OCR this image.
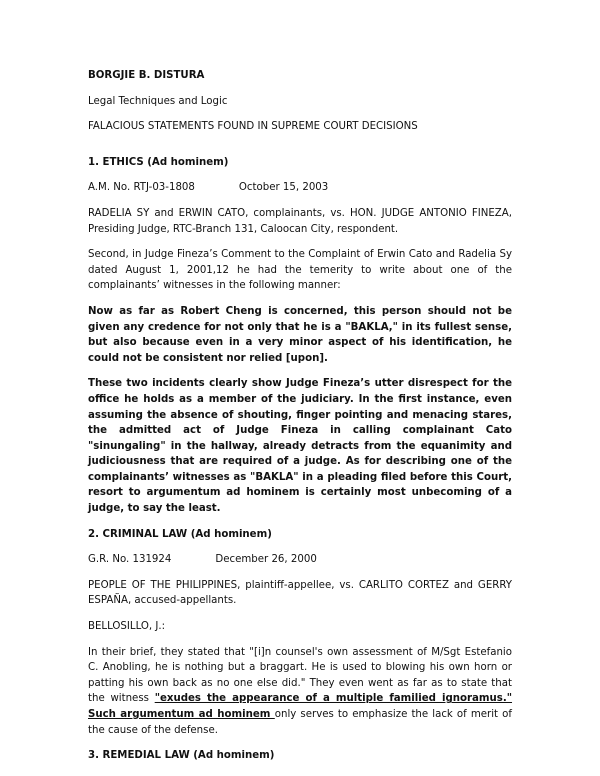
BORGJIE B. DISTURA

Legal Techniques and Logic

FALACIOUS STATEMENTS FOUND IN SUPREME COURT DECISIONS

1. ETHICS (Ad hominem)

A.M. No. RTJ-03-1808	October 15, 2003

RADELIA SY and ERWIN CATO, complainants, vs. HON. JUDGE ANTONIO FINEZA, Presiding Judge, RTC-Branch 131, Caloocan City, respondent.

Second, in Judge Fineza’s Comment to the Complaint of Erwin Cato and Radelia Sy dated August 1, 2001,12 he had the temerity to write about one of the complainants’ witnesses in the following manner:

Now as far as Robert Cheng is concerned, this person should not be given any credence for not only that he is a "BAKLA," in its fullest sense, but also because even in a very minor aspect of his identification, he could not be consistent nor relied [upon].

These two incidents clearly show Judge Fineza’s utter disrespect for the office he holds as a member of the judiciary. In the first instance, even assuming the absence of shouting, finger pointing and menacing stares, the admitted act of Judge Fineza in calling complainant Cato "sinungaling" in the hallway, already detracts from the equanimity and judiciousness that are required of a judge. As for describing one of the complainants’ witnesses as "BAKLA" in a pleading filed before this Court, resort to argumentum ad hominem is certainly most unbecoming of a judge, to say the least.

2. CRIMINAL LAW (Ad hominem)

G.R. No. 131924	December 26, 2000

PEOPLE OF THE PHILIPPINES, plaintiff-appellee, vs. CARLITO CORTEZ and GERRY ESPAÑA, accused-appellants.

BELLOSILLO, J.:

In their brief, they stated that "[i]n counsel's own assessment of M/Sgt Estefanio C. Anobling, he is nothing but a braggart. He is used to blowing his own horn or patting his own back as no one else did." They even went as far as to state that the witness "exudes the appearance of a multiple familied ignoramus." Such argumentum ad hominem only serves to emphasize the lack of merit of the cause of the defense.

3. REMEDIAL LAW (Ad hominem)
